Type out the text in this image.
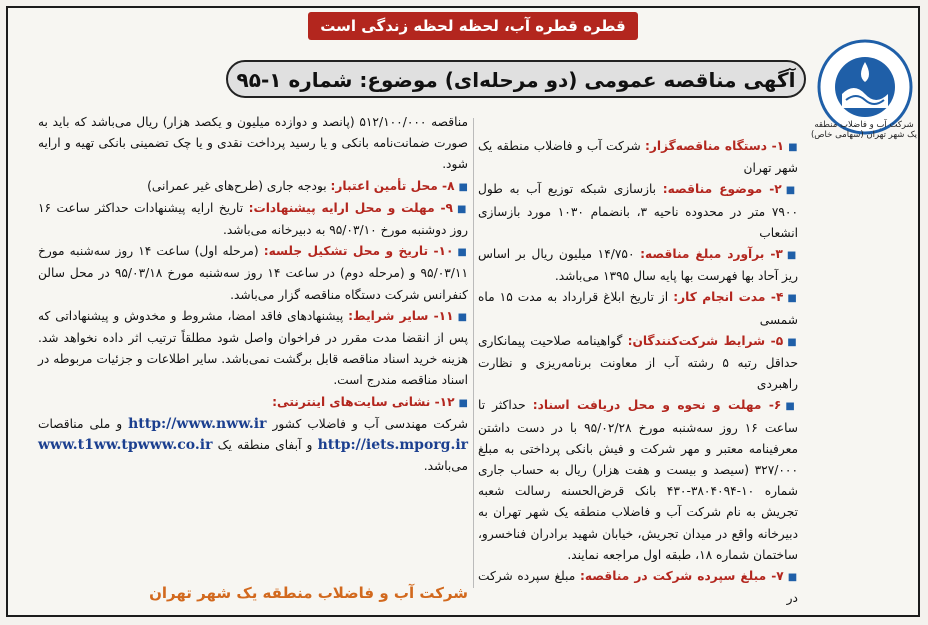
قطره قطره آب، لحظه لحظه زندگی است
آگهی مناقصه عمومی (دو مرحله‌ای) موضوع: شماره ۱-۹۵
شرکت آب و فاضلاب منطقه یک شهر تهران (سهامی خاص)

■۱- دستگاه مناقصه‌گزار: شرکت آب و فاضلاب منطقه یک شهر تهران

■۲- موضوع مناقصه: بازسازی شبکه توزیع آب به طول ۷۹۰۰ متر در محدوده ناحیه ۳، بانضمام ۱۰۳۰ مورد بازسازی انشعاب

■۳- برآورد مبلغ مناقصه: ۱۴/۷۵۰ میلیون ریال بر اساس ریز آحاد بها فهرست بها پایه سال ۱۳۹۵ می‌باشد.

■۴- مدت انجام کار: از تاریخ ابلاغ قرارداد به مدت ۱۵ ماه شمسی

■۵- شرایط شرکت‌کنندگان: گواهینامه صلاحیت پیمانکاری حداقل رتبه ۵ رشته آب از معاونت برنامه‌ریزی و نظارت راهبردی

■۶- مهلت و نحوه و محل دریافت اسناد: حداکثر تا ساعت ۱۶ روز سه‌شنبه مورخ ۹۵/۰۲/۲۸ با در دست داشتن معرفینامه معتبر و مهر شرکت و فیش بانکی پرداختی به مبلغ ۳۲۷/۰۰۰ (سیصد و بیست و هفت هزار) ریال به حساب جاری شماره ۱۰-۳۸۰۴۰۹۴-۴۳۰ بانک قرض‌الحسنه رسالت شعبه تجریش به نام شرکت آب و فاضلاب منطقه یک شهر تهران به دبیرخانه واقع در میدان تجریش، خیابان شهید برادران فناخسرو، ساختمان شماره ۱۸، طبقه اول مراجعه نمایند.

■۷- مبلغ سپرده شرکت در مناقصه: مبلغ سپرده شرکت در

مناقصه ۵۱۲/۱۰۰/۰۰۰ (پانصد و دوازده میلیون و یکصد هزار) ریال می‌باشد که باید به صورت ضمانت‌نامه بانکی و یا رسید پرداخت نقدی و یا چک تضمینی بانکی تهیه و ارایه شود.

■۸- محل تأمین اعتبار: بودجه جاری (طرح‌های غیر عمرانی)

■۹- مهلت و محل ارایه پیشنهادات: تاریخ ارایه پیشنهادات حداکثر ساعت ۱۶ روز دوشنبه مورخ ۹۵/۰۳/۱۰ به دبیرخانه می‌باشد.

■۱۰- تاریخ و محل تشکیل جلسه: (مرحله اول) ساعت ۱۴ روز سه‌شنبه مورخ ۹۵/۰۳/۱۱ و (مرحله دوم) در ساعت ۱۴ روز سه‌شنبه مورخ ۹۵/۰۳/۱۸ در محل سالن کنفرانس شرکت دستگاه مناقصه گزار می‌باشد.

■۱۱- سایر شرایط: پیشنهادهای فاقد امضا، مشروط و مخدوش و پیشنهاداتی که پس از انقضا مدت مقرر در فراخوان واصل شود مطلقاً ترتیب اثر داده نخواهد شد. هزینه خرید اسناد مناقصه قابل برگشت نمی‌باشد. سایر اطلاعات و جزئیات مربوطه در اسناد مناقصه مندرج است.

■۱۲- نشانی سایت‌های اینترنتی:

شرکت مهندسی آب و فاضلاب کشور http://www.nww.ir و ملی مناقصات http://iets.mporg.ir و آبفای منطقه یک www.t1ww.tpwww.co.ir می‌باشد.

شرکت آب و فاضلاب منطقه یک شهر تهران
